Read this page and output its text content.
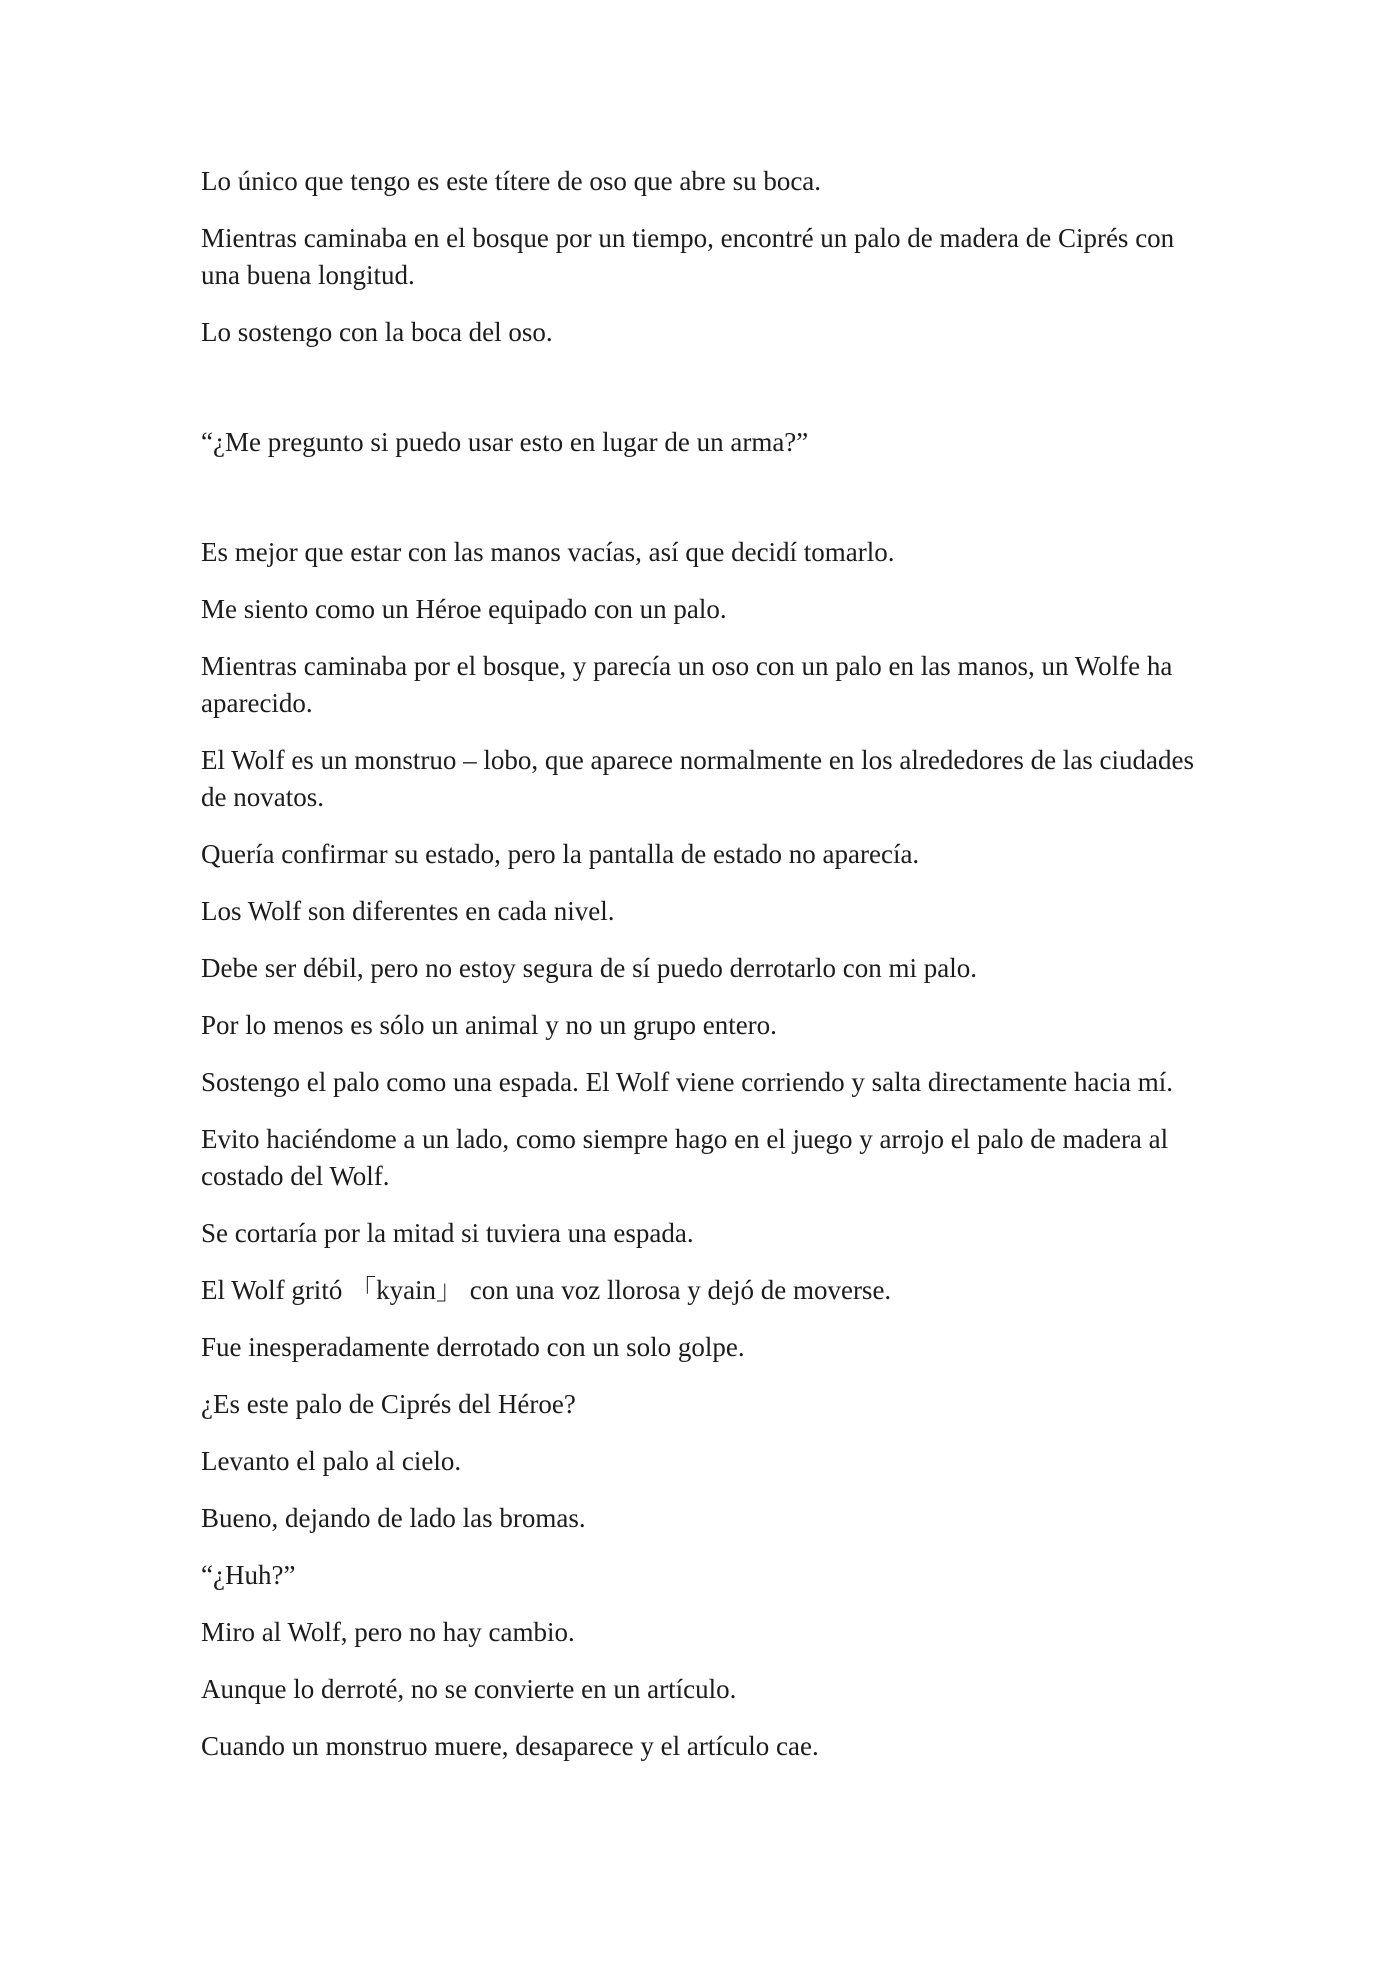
Lo único que tengo es este títere de oso que abre su boca.

Mientras caminaba en el bosque por un tiempo, encontré un palo de madera de Ciprés con una buena longitud.

Lo sostengo con la boca del oso.

“¿Me pregunto si puedo usar esto en lugar de un arma?”

Es mejor que estar con las manos vacías, así que decidí tomarlo.

Me siento como un Héroe equipado con un palo.

Mientras caminaba por el bosque, y parecía un oso con un palo en las manos, un Wolfe ha aparecido.

El Wolf es un monstruo – lobo, que aparece normalmente en los alrededores de las ciudades de novatos.

Quería confirmar su estado, pero la pantalla de estado no aparecía.

Los Wolf son diferentes en cada nivel.

Debe ser débil, pero no estoy segura de sí puedo derrotarlo con mi palo.

Por lo menos es sólo un animal y no un grupo entero.

Sostengo el palo como una espada. El Wolf viene corriendo y salta directamente hacia mí.

Evito haciéndome a un lado, como siempre hago en el juego y arrojo el palo de madera al costado del Wolf.

Se cortaría por la mitad si tuviera una espada.

El Wolf gritó 「kyain」 con una voz llorosa y dejó de moverse.

Fue inesperadamente derrotado con un solo golpe.

¿Es este palo de Ciprés del Héroe?

Levanto el palo al cielo.

Bueno, dejando de lado las bromas.

“¿Huh?”

Miro al Wolf, pero no hay cambio.

Aunque lo derroté, no se convierte en un artículo.

Cuando un monstruo muere, desaparece y el artículo cae.
